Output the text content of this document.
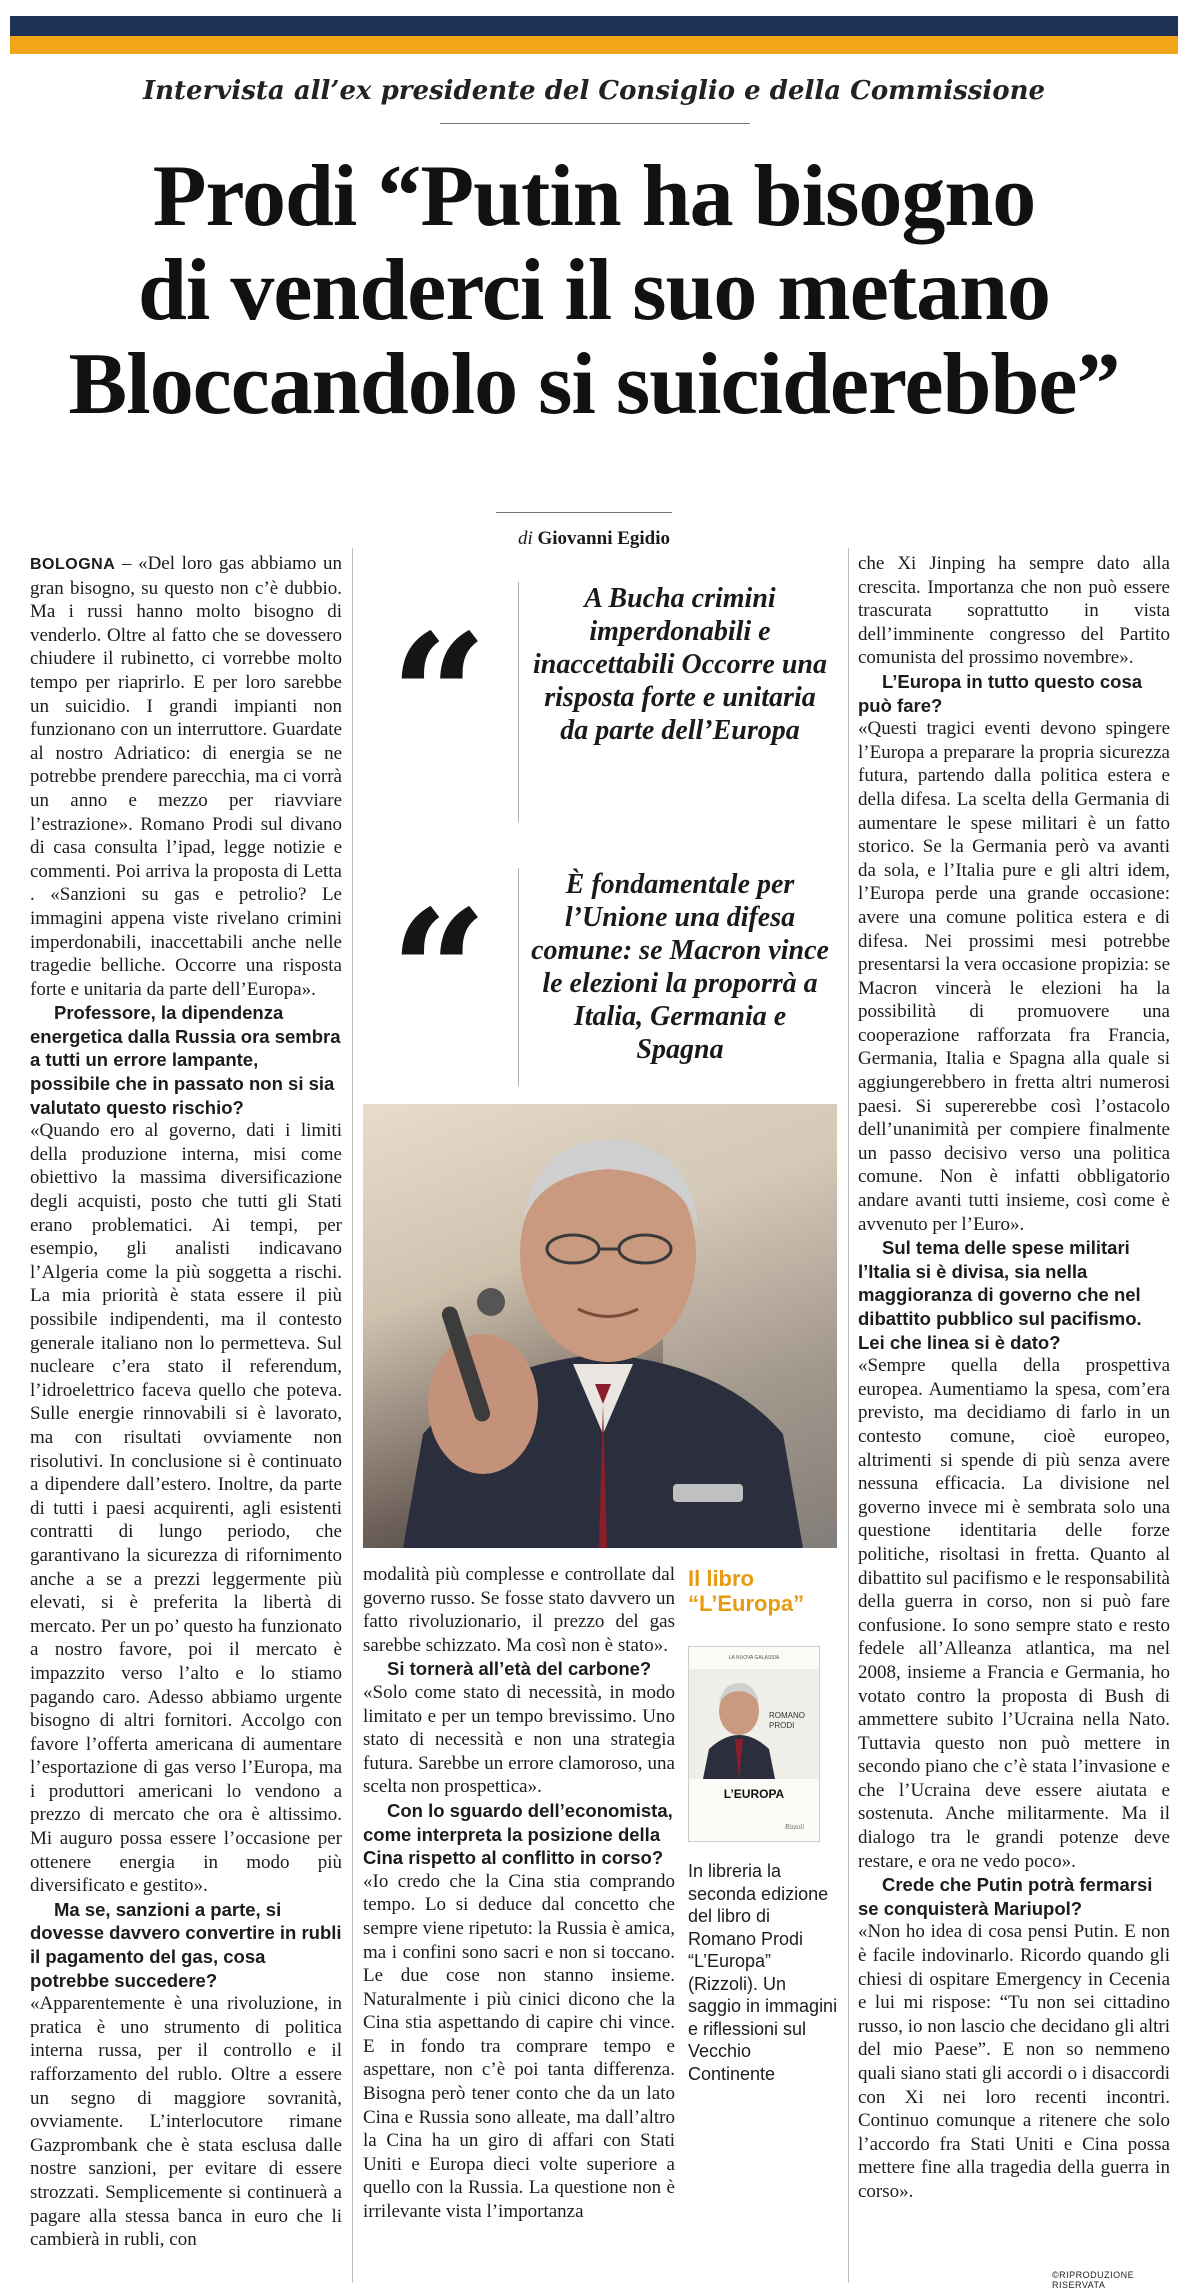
Intervista all’ex presidente del Consiglio e della Commissione
Prodi “Putin ha bisogno
di venderci il suo metano
Bloccandolo si suiciderebbe”
di Giovanni Egidio

BOLOGNA – «Del loro gas abbiamo un gran bisogno, su questo non c’è dubbio. Ma i russi hanno molto bisogno di venderlo. Oltre al fatto che se dovessero chiudere il rubinetto, ci vorrebbe molto tempo per riaprirlo. E per loro sarebbe un suicidio. I grandi impianti non funzionano con un interruttore. Guardate al nostro Adriatico: di energia se ne potrebbe prendere parecchia, ma ci vorrà un anno e mezzo per riavviare l’estrazione». Romano Prodi sul divano di casa consulta l’ipad, legge notizie e commenti. Poi arriva la proposta di Letta . «Sanzioni su gas e petrolio? Le immagini appena viste rivelano crimini imperdonabili, inaccettabili anche nelle tragedie belliche. Occorre una risposta forte e unitaria da parte dell’Europa».

Professore, la dipendenza energetica dalla Russia ora sembra a tutti un errore lampante, possibile che in passato non si sia valutato questo rischio?

«Quando ero al governo, dati i limiti della produzione interna, misi come obiettivo la massima diversificazione degli acquisti, posto che tutti gli Stati erano problematici. Ai tempi, per esempio, gli analisti indicavano l’Algeria come la più soggetta a rischi. La mia priorità è stata essere il più possibile indipendenti, ma il contesto generale italiano non lo permetteva. Sul nucleare c’era stato il referendum, l’idroelettrico faceva quello che poteva. Sulle energie rinnovabili si è lavorato, ma con risultati ovviamente non risolutivi. In conclusione si è continuato a dipendere dall’estero. Inoltre, da parte di tutti i paesi acquirenti, agli esistenti contratti di lungo periodo, che garantivano la sicurezza di rifornimento anche a se a prezzi leggermente più elevati, si è preferita la libertà di mercato. Per un po’ questo ha funzionato a nostro favore, poi il mercato è impazzito verso l’alto e lo stiamo pagando caro. Adesso abbiamo urgente bisogno di altri fornitori. Accolgo con favore l’offerta americana di aumentare l’esportazione di gas verso l’Europa, ma i produttori americani lo vendono a prezzo di mercato che ora è altissimo. Mi auguro possa essere l’occasione per ottenere energia in modo più diversificato e gestito».

Ma se, sanzioni a parte, si dovesse davvero convertire in rubli il pagamento del gas, cosa potrebbe succedere?

«Apparentemente è una rivoluzione, in pratica è uno strumento di politica interna russa, per il controllo e il rafforzamento del rublo. Oltre a essere un segno di maggiore sovranità, ovviamente. L’interlocutore rimane Gazprombank che è stata esclusa dalle nostre sanzioni, per evitare di essere strozzati. Semplicemente si continuerà a pagare alla stessa banca in euro che li cambierà in rubli, con

“	A Bucha crimini imperdonabili e inaccettabili Occorre una risposta forte e unitaria da parte dell’Europa
“	È fondamentale per l’Unione una difesa comune: se Macron vince le elezioni la proporrà a Italia, Germania e Spagna

modalità più complesse e controllate dal governo russo. Se fosse stato davvero un fatto rivoluzionario, il prezzo del gas sarebbe schizzato. Ma così non è stato».

Si tornerà all’età del carbone?

«Solo come stato di necessità, in modo limitato e per un tempo brevissimo. Uno stato di necessità e non una strategia futura. Sarebbe un errore clamoroso, una scelta non prospettica».

Con lo sguardo dell’economista, come interpreta la posizione della Cina rispetto al conflitto in corso?

«Io credo che la Cina stia comprando tempo. Lo si deduce dal concetto che sempre viene ripetuto: la Russia è amica, ma i confini sono sacri e non si toccano. Le due cose non stanno insieme. Naturalmente i più cinici dicono che la Cina stia aspettando di capire chi vince. E in fondo tra comprare tempo e aspettare, non c’è poi tanta differenza. Bisogna però tener conto che da un lato Cina e Russia sono alleate, ma dall’altro la Cina ha un giro di affari con Stati Uniti e Europa dieci volte superiore a quello con la Russia. La questione non è irrilevante vista l’importanza

Il libro
“L’Europa”
LA NUOVA GALASSIA
ROMANO PRODI
L’EUROPA
Rizzoli
In libreria la seconda edizione del libro di Romano Prodi “L’Europa” (Rizzoli). Un saggio in immagini e riflessioni sul Vecchio Continente

che Xi Jinping ha sempre dato alla crescita. Importanza che non può essere trascurata soprattutto in vista dell’imminente congresso del Partito comunista del prossimo novembre».

L’Europa in tutto questo cosa può fare?

«Questi tragici eventi devono spingere l’Europa a preparare la propria sicurezza futura, partendo dalla politica estera e della difesa. La scelta della Germania di aumentare le spese militari è un fatto storico. Se la Germania però va avanti da sola, e l’Italia pure e gli altri idem, l’Europa perde una grande occasione: avere una comune politica estera e di difesa. Nei prossimi mesi potrebbe presentarsi la vera occasione propizia: se Macron vincerà le elezioni ha la possibilità di promuovere una cooperazione rafforzata fra Francia, Germania, Italia e Spagna alla quale si aggiungerebbero in fretta altri numerosi paesi. Si supererebbe così l’ostacolo dell’unanimità per compiere finalmente un passo decisivo verso una politica comune. Non è infatti obbligatorio andare avanti tutti insieme, così come è avvenuto per l’Euro».

Sul tema delle spese militari l’Italia si è divisa, sia nella maggioranza di governo che nel dibattito pubblico sul pacifismo. Lei che linea si è dato?

«Sempre quella della prospettiva europea. Aumentiamo la spesa, com’era previsto, ma decidiamo di farlo in un contesto comune, cioè europeo, altrimenti si spende di più senza avere nessuna efficacia. La divisione nel governo invece mi è sembrata solo una questione identitaria delle forze politiche, risoltasi in fretta. Quanto al dibattito sul pacifismo e le responsabilità della guerra in corso, non si può fare confusione. Io sono sempre stato e resto fedele all’Alleanza atlantica, ma nel 2008, insieme a Francia e Germania, ho votato contro la proposta di Bush di ammettere subito l’Ucraina nella Nato. Tuttavia questo non può mettere in secondo piano che c’è stata l’invasione e che l’Ucraina deve essere aiutata e sostenuta. Anche militarmente. Ma il dialogo tra le grandi potenze deve restare, e ora ne vedo poco».

Crede che Putin potrà fermarsi se conquisterà Mariupol?

«Non ho idea di cosa pensi Putin. E non è facile indovinarlo. Ricordo quando gli chiesi di ospitare Emergency in Cecenia e lui mi rispose: “Tu non sei cittadino russo, io non lascio che decidano gli altri del mio Paese”. E non so nemmeno quali siano stati gli accordi o i disaccordi con Xi nei loro recenti incontri. Continuo comunque a ritenere che solo l’accordo fra Stati Uniti e Cina possa mettere fine alla tragedia della guerra in corso».

©RIPRODUZIONE RISERVATA
